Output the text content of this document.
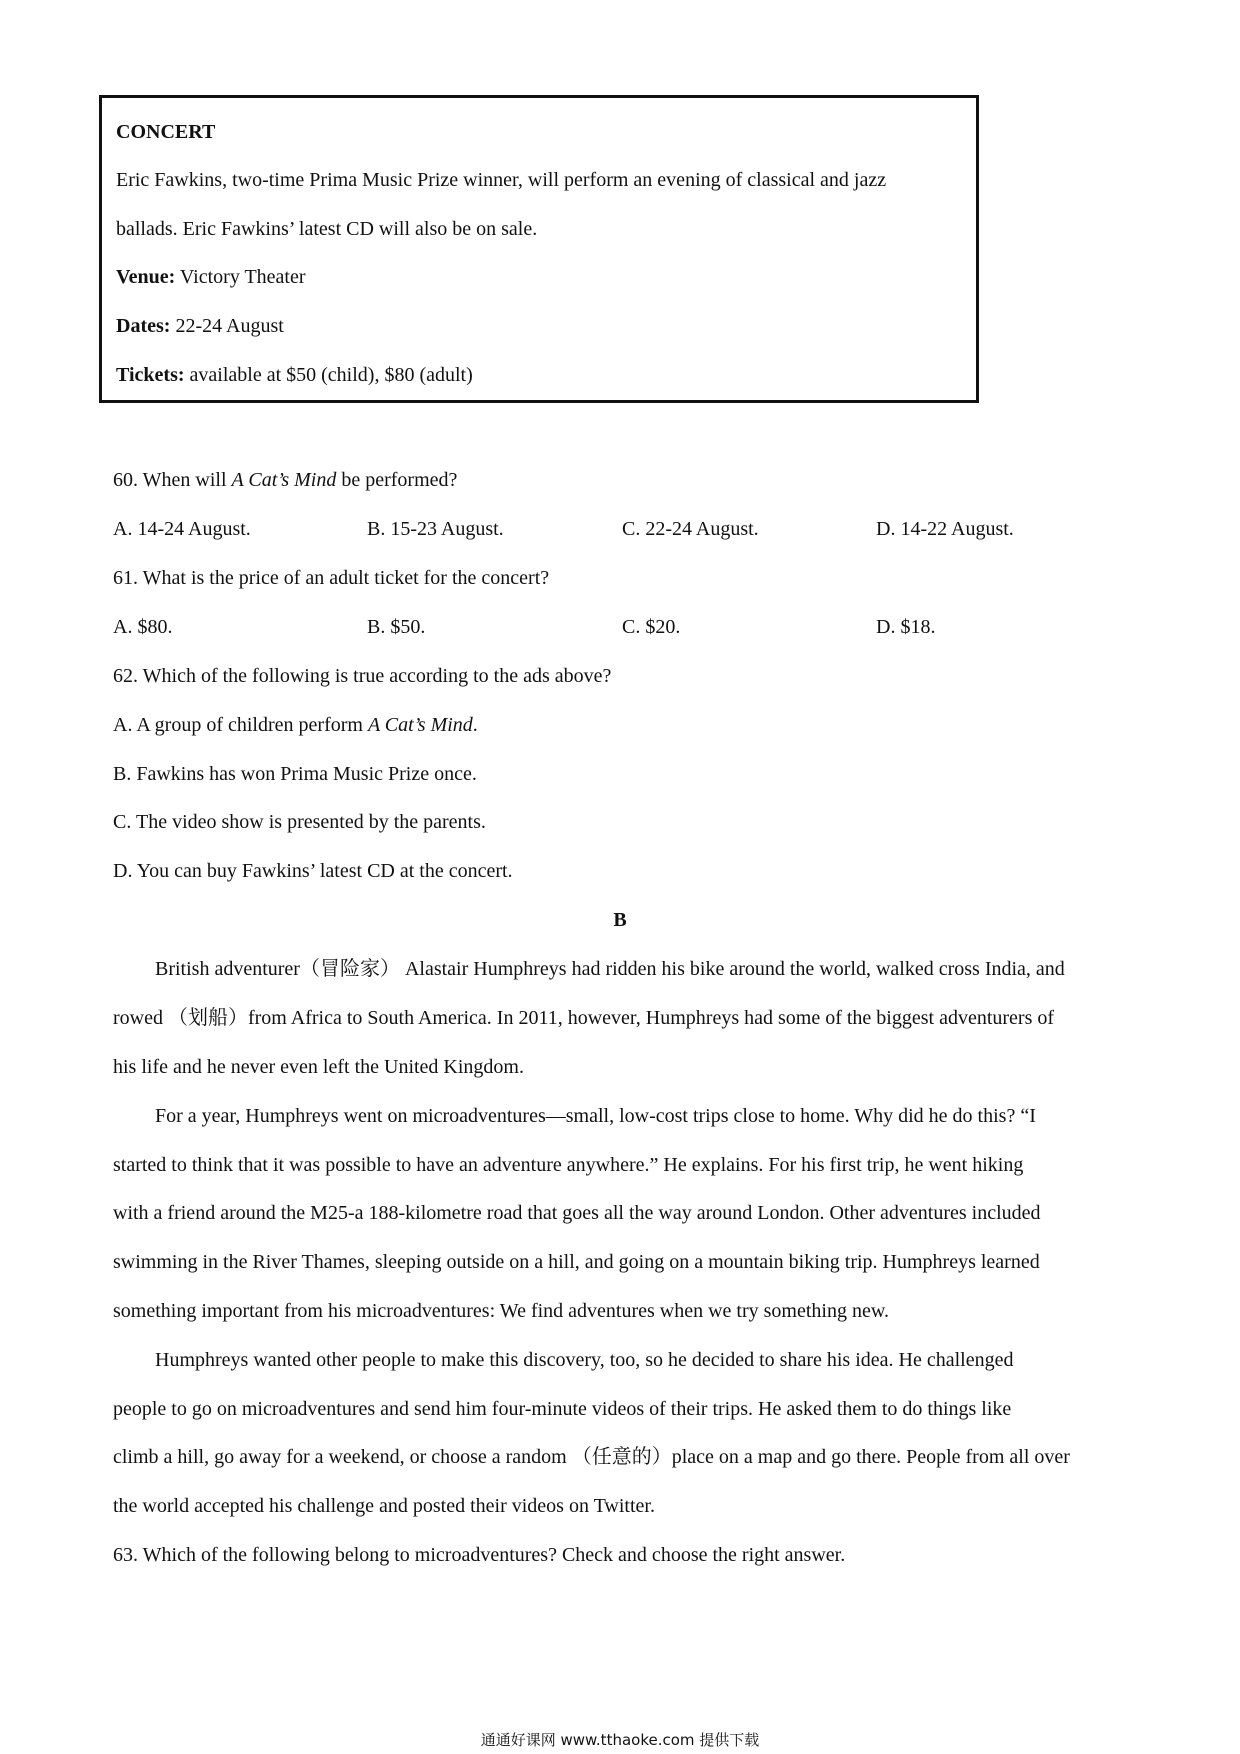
CONCERT
Eric Fawkins, two-time Prima Music Prize winner, will perform an evening of classical and jazz
ballads. Eric Fawkins’ latest CD will also be on sale.
Venue: Victory Theater
Dates: 22-24 August
Tickets: available at $50 (child), $80 (adult)
60. When will A Cat’s Mind be performed?
A. 14-24 August.	B. 15-23 August.	C. 22-24 August.	D. 14-22 August.
61. What is the price of an adult ticket for the concert?
A. $80.	B. $50.	C. $20.	D. $18.
62. Which of the following is true according to the ads above?
A. A group of children perform A Cat’s Mind.
B. Fawkins has won Prima Music Prize once.
C. The video show is presented by the parents.
D. You can buy Fawkins’ latest CD at the concert.
B
British adventurer（冒险家） Alastair Humphreys had ridden his bike around the world, walked cross India, and
rowed （划船）from Africa to South America. In 2011, however, Humphreys had some of the biggest adventurers of
his life and he never even left the United Kingdom.
For a year, Humphreys went on microadventures—small, low-cost trips close to home. Why did he do this? “I
started to think that it was possible to have an adventure anywhere.” He explains. For his first trip, he went hiking
with a friend around the M25-a 188-kilometre road that goes all the way around London. Other adventures included
swimming in the River Thames, sleeping outside on a hill, and going on a mountain biking trip. Humphreys learned
something important from his microadventures: We find adventures when we try something new.
Humphreys wanted other people to make this discovery, too, so he decided to share his idea. He challenged
people to go on microadventures and send him four-minute videos of their trips. He asked them to do things like
climb a hill, go away for a weekend, or choose a random （任意的）place on a map and go there. People from all over
the world accepted his challenge and posted their videos on Twitter.
63. Which of the following belong to microadventures? Check and choose the right answer.
通通好课网 www.tthaoke.com 提供下载
